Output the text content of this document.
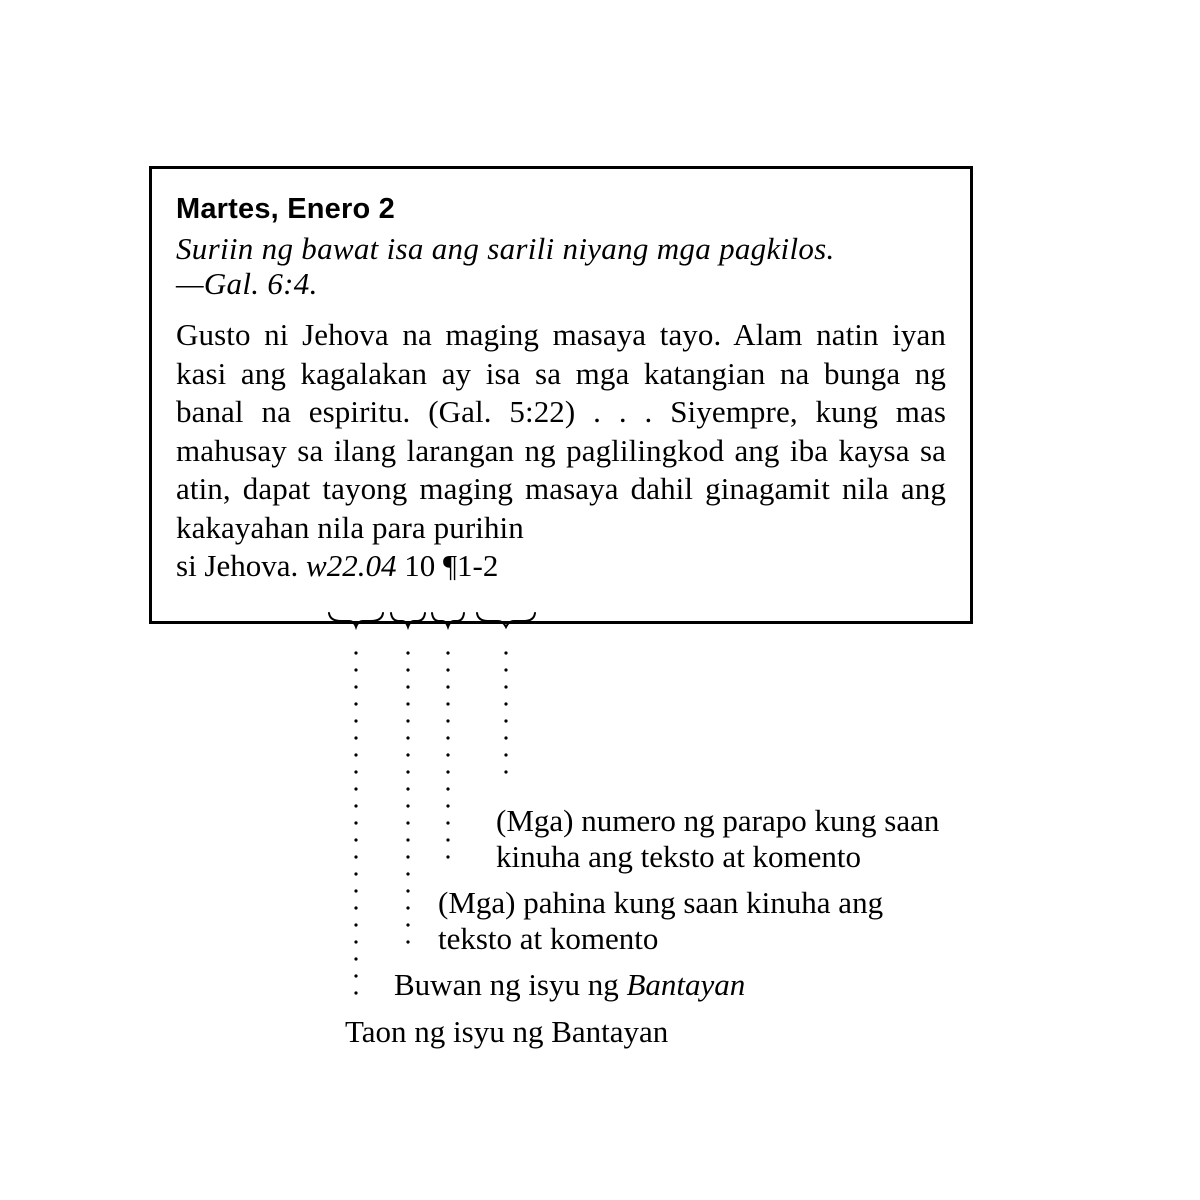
Martes, Enero 2

Suriin ng bawat isa ang sarili niyang mga pagkilos.
—Gal. 6:4.

Gusto ni Jehova na maging masaya tayo. Alam natin iyan kasi ang kagalakan ay isa sa mga katangian na bunga ng banal na espiritu. (Gal. 5:22) . . . Siyempre, kung mas mahusay sa ilang larangan ng paglilingkod ang iba kaysa sa atin, dapat tayong maging masaya dahil ginagamit nila ang kakayahan nila para purihin

si Jehova. w22.04 10 ¶1-2
(Mga) numero ng parapo kung saan
kinuha ang teksto at komento
(Mga) pahina kung saan kinuha ang
teksto at komento
Buwan ng isyu ng Bantayan
Taon ng isyu ng Bantayan
